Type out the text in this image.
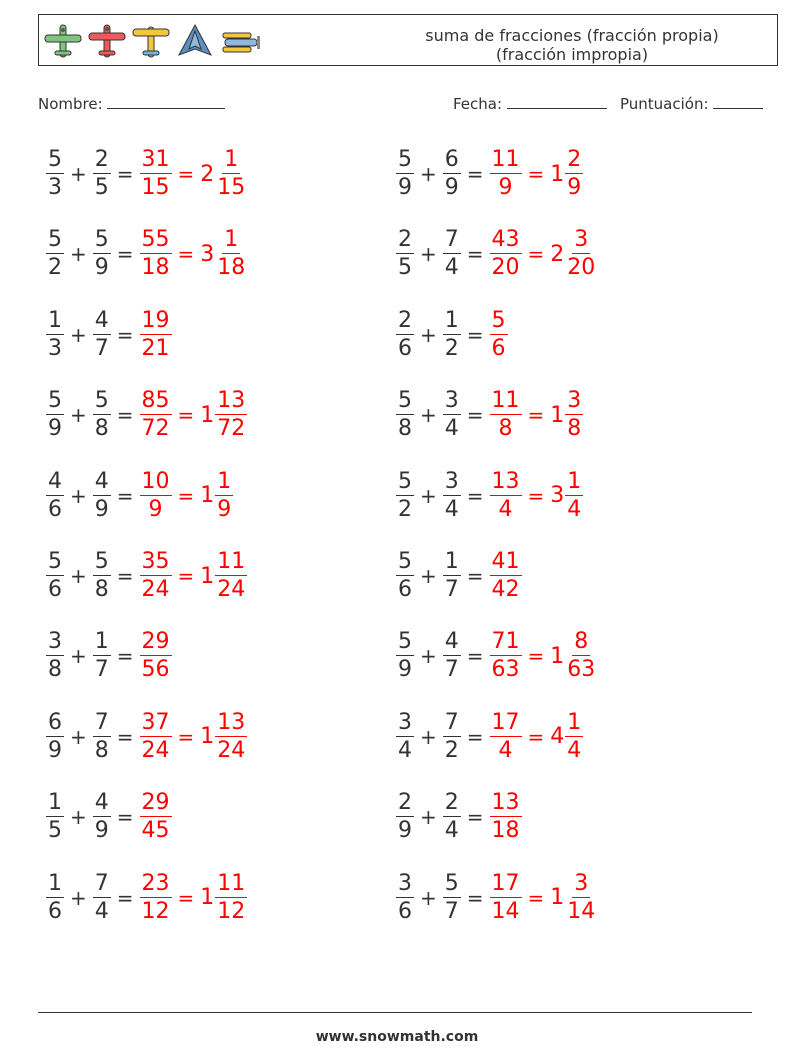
suma de fracciones (fracción propia)
(fracción impropia)
Nombre:	Fecha:	Puntuación:
$\frac{5}{3} + \frac{2}{5} = \frac{31}{15} = 2 \frac{1}{15}$
$\frac{5}{2} + \frac{5}{9} = \frac{55}{18} = 3 \frac{1}{18}$
$\frac{1}{3} + \frac{4}{7} = \frac{19}{21}$
$\frac{5}{9} + \frac{5}{8} = \frac{85}{72} = 1 \frac{13}{72}$
$\frac{4}{6} + \frac{4}{9} = \frac{10}{9} = 1 \frac{1}{9}$
$\frac{5}{6} + \frac{5}{8} = \frac{35}{24} = 1 \frac{11}{24}$
$\frac{3}{8} + \frac{1}{7} = \frac{29}{56}$
$\frac{6}{9} + \frac{7}{8} = \frac{37}{24} = 1 \frac{13}{24}$
$\frac{1}{5} + \frac{4}{9} = \frac{29}{45}$
$\frac{1}{6} + \frac{7}{4} = \frac{23}{12} = 1 \frac{11}{12}$
$\frac{5}{9} + \frac{6}{9} = \frac{11}{9} = 1 \frac{2}{9}$
$\frac{2}{5} + \frac{7}{4} = \frac{43}{20} = 2 \frac{3}{20}$
$\frac{2}{6} + \frac{1}{2} = \frac{5}{6}$
$\frac{5}{8} + \frac{3}{4} = \frac{11}{8} = 1 \frac{3}{8}$
$\frac{5}{2} + \frac{3}{4} = \frac{13}{4} = 3 \frac{1}{4}$
$\frac{5}{6} + \frac{1}{7} = \frac{41}{42}$
$\frac{5}{9} + \frac{4}{7} = \frac{71}{63} = 1 \frac{8}{63}$
$\frac{3}{4} + \frac{7}{2} = \frac{17}{4} = 4 \frac{1}{4}$
$\frac{2}{9} + \frac{2}{4} = \frac{13}{18}$
$\frac{3}{6} + \frac{5}{7} = \frac{17}{14} = 1 \frac{3}{14}$
www.snowmath.com
